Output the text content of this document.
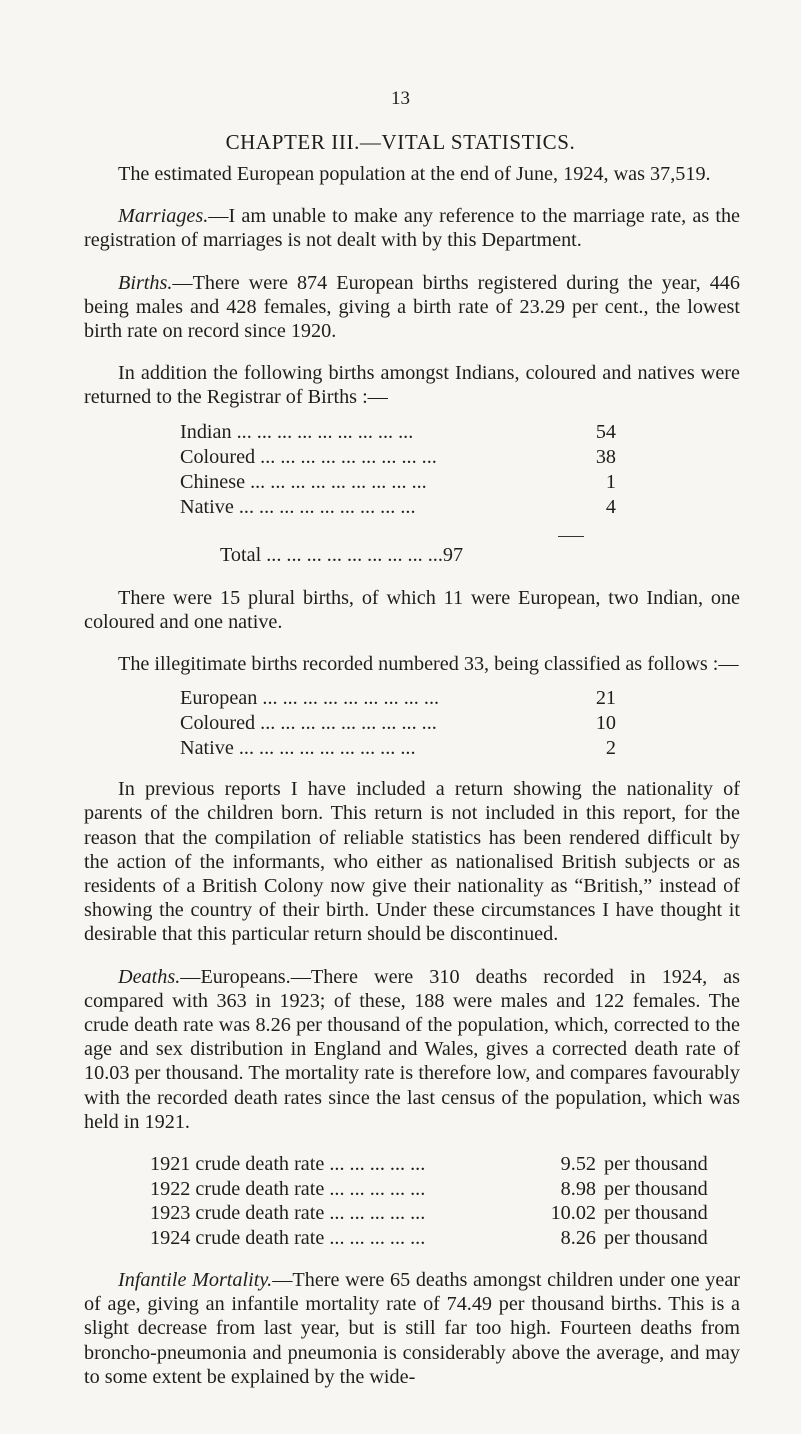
13
CHAPTER III.—VITAL STATISTICS.

The estimated European population at the end of June, 1924, was 37,519.

Marriages.—I am unable to make any reference to the marriage rate, as the registration of marriages is not dealt with by this Department.

Births.—There were 874 European births registered during the year, 446 being males and 428 females, giving a birth rate of 23.29 per cent., the lowest birth rate on record since 1920.

In addition the following births amongst Indians, coloured and natives were returned to the Registrar of Births :—

Indian ... ... ... ... ... ... ... ... ...	54
Coloured ... ... ... ... ... ... ... ... ...	38
Chinese ... ... ... ... ... ... ... ... ...	1
Native ... ... ... ... ... ... ... ... ...	4
Total ... ... ... ... ... ... ... ... ...97

There were 15 plural births, of which 11 were European, two Indian, one coloured and one native.

The illegitimate births recorded numbered 33, being classified as follows :—

European ... ... ... ... ... ... ... ... ...	21
Coloured ... ... ... ... ... ... ... ... ...	10
Native ... ... ... ... ... ... ... ... ...	2

In previous reports I have included a return showing the nationality of parents of the children born. This return is not included in this report, for the reason that the compilation of reliable statistics has been rendered difficult by the action of the informants, who either as nationalised British subjects or as residents of a British Colony now give their nationality as “British,” instead of showing the country of their birth. Under these circumstances I have thought it desirable that this particular return should be discontinued.

Deaths.—Europeans.—There were 310 deaths recorded in 1924, as compared with 363 in 1923; of these, 188 were males and 122 females. The crude death rate was 8.26 per thousand of the population, which, corrected to the age and sex distribution in England and Wales, gives a corrected death rate of 10.03 per thousand. The mortality rate is therefore low, and compares favourably with the recorded death rates since the last census of the population, which was held in 1921.

1921 crude death rate ... ... ... ... ...	9.52	per thousand
1922 crude death rate ... ... ... ... ...	8.98	per thousand
1923 crude death rate ... ... ... ... ...	10.02	per thousand
1924 crude death rate ... ... ... ... ...	8.26	per thousand

Infantile Mortality.—There were 65 deaths amongst children under one year of age, giving an infantile mortality rate of 74.49 per thousand births. This is a slight decrease from last year, but is still far too high. Fourteen deaths from broncho-pneumonia and pneumonia is considerably above the average, and may to some extent be explained by the wide-
